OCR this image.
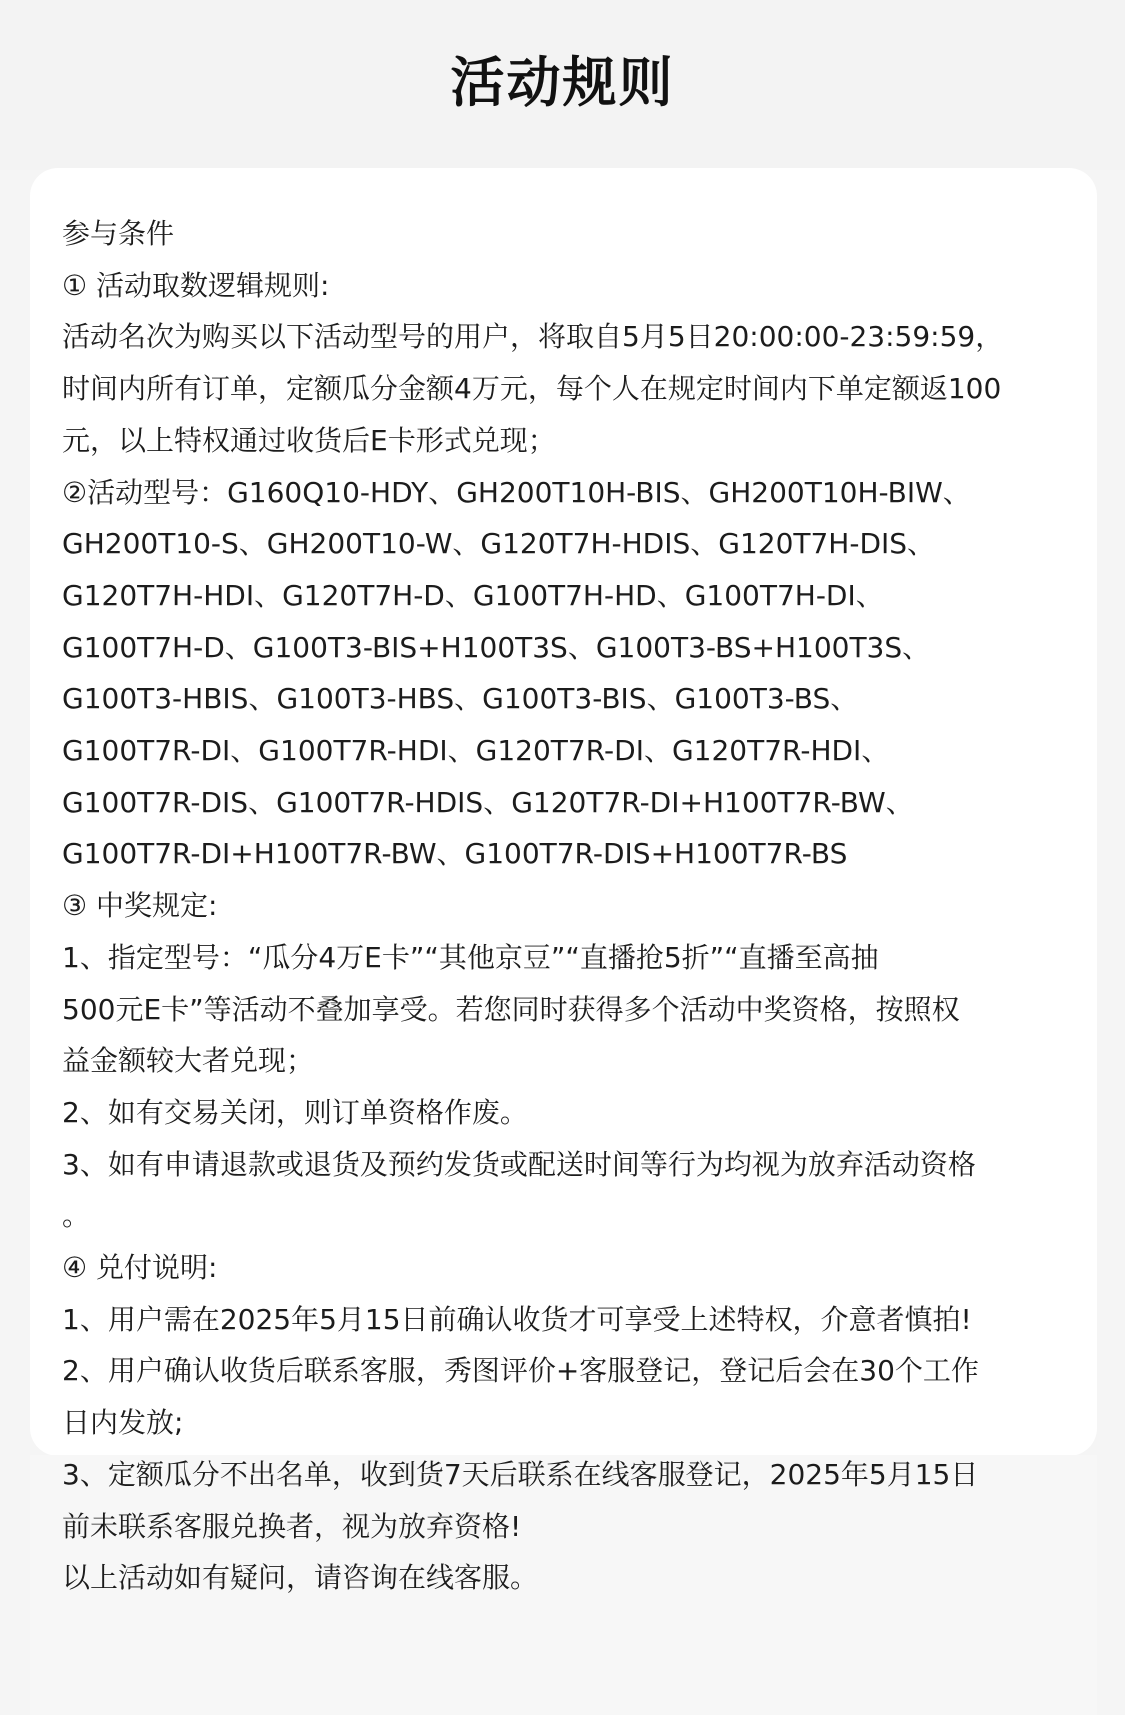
活动规则

参与条件

① 活动取数逻辑规则:

活动名次为购买以下活动型号的用户，将取自5月5日20:00:00-23:59:59，

时间内所有订单，定额瓜分金额4万元，每个人在规定时间内下单定额返100

元，以上特权通过收货后E卡形式兑现；

②活动型号：G160Q10-HDY、GH200T10H-BIS、GH200T10H-BIW、

GH200T10-S、GH200T10-W、G120T7H-HDIS、G120T7H-DIS、

G120T7H-HDI、G120T7H-D、G100T7H-HD、G100T7H-DI、

G100T7H-D、G100T3-BIS+H100T3S、G100T3-BS+H100T3S、

G100T3-HBIS、G100T3-HBS、G100T3-BIS、G100T3-BS、

G100T7R-DI、G100T7R-HDI、G120T7R-DI、G120T7R-HDI、

G100T7R-DIS、G100T7R-HDIS、G120T7R-DI+H100T7R-BW、

G100T7R-DI+H100T7R-BW、G100T7R-DIS+H100T7R-BS

③ 中奖规定:

1、指定型号：“瓜分4万E卡”“其他京豆”“直播抢5折”“直播至高抽

500元E卡”等活动不叠加享受。若您同时获得多个活动中奖资格，按照权

益金额较大者兑现；

2、如有交易关闭，则订单资格作废。

3、如有申请退款或退货及预约发货或配送时间等行为均视为放弃活动资格

。

④ 兑付说明:

1、用户需在2025年5月15日前确认收货才可享受上述特权，介意者慎拍!

2、用户确认收货后联系客服，秀图评价+客服登记，登记后会在30个工作

日内发放;

3、定额瓜分不出名单，收到货7天后联系在线客服登记，2025年5月15日

前未联系客服兑换者，视为放弃资格!

以上活动如有疑问，请咨询在线客服。
